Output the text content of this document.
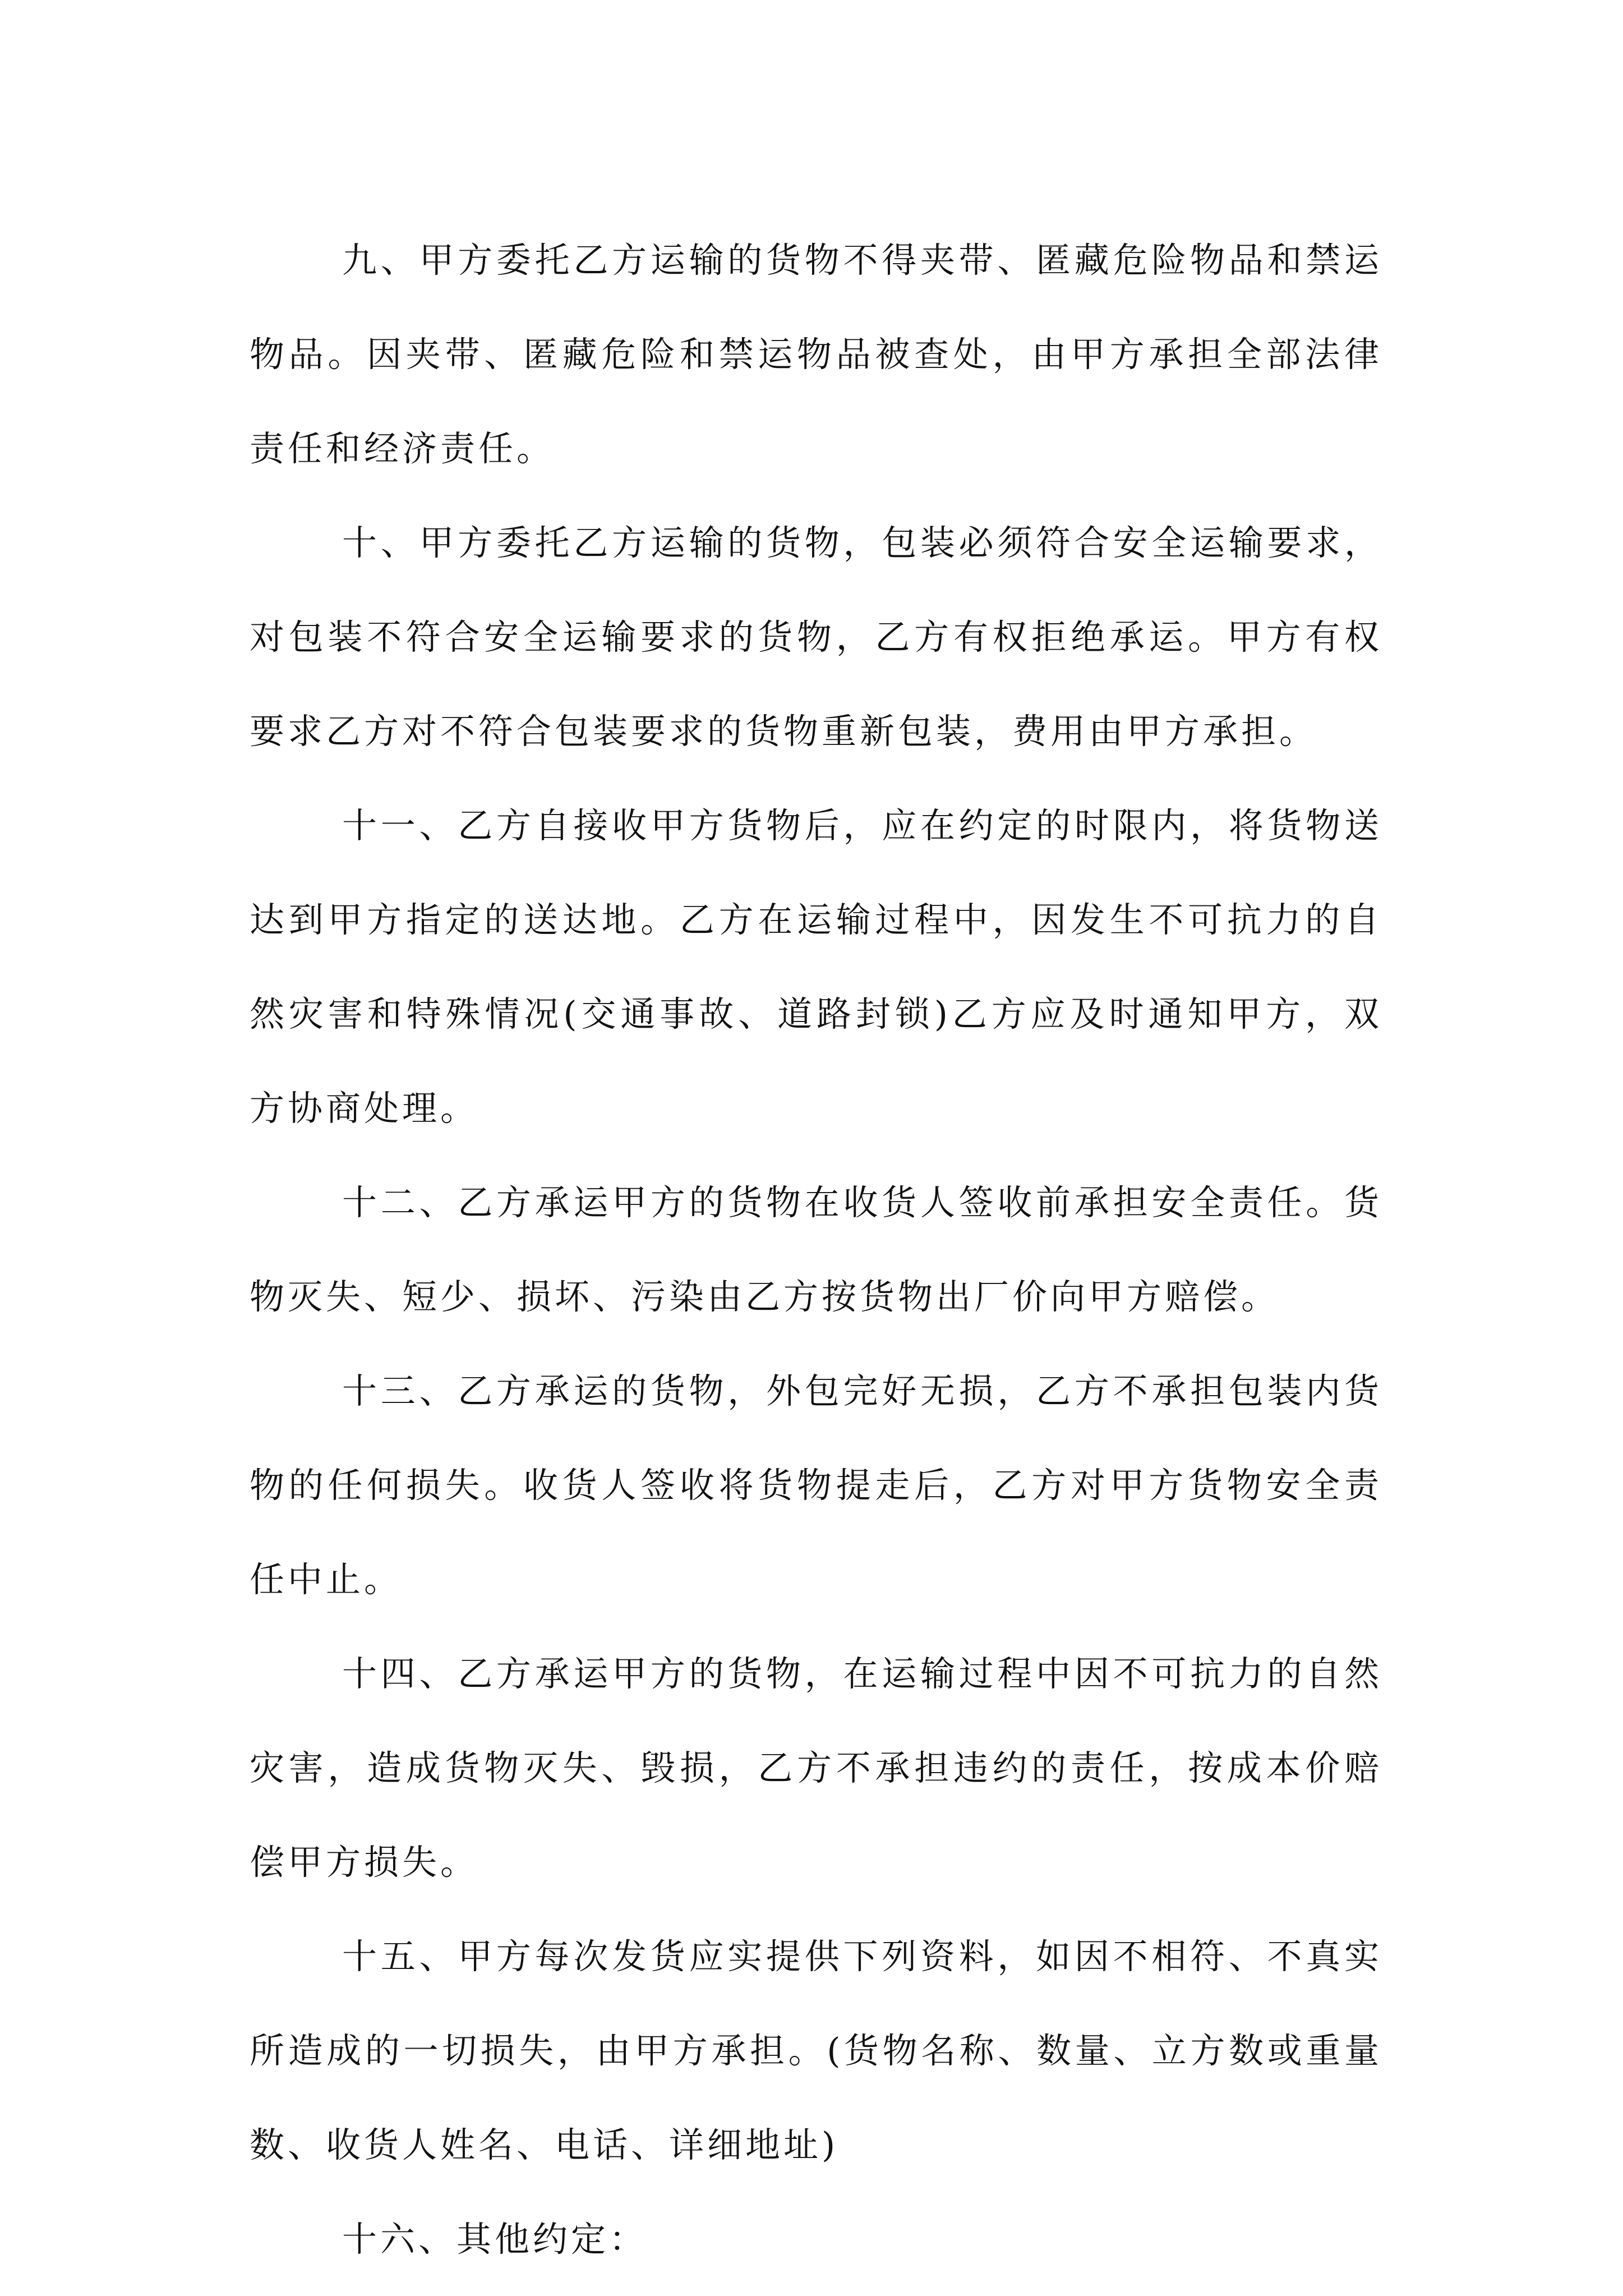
九、甲方委托乙方运输的货物不得夹带、匿藏危险物品和禁运物品。因夹带、匿藏危险和禁运物品被查处，由甲方承担全部法律责任和经济责任。

十、甲方委托乙方运输的货物，包装必须符合安全运输要求，对包装不符合安全运输要求的货物，乙方有权拒绝承运。甲方有权要求乙方对不符合包装要求的货物重新包装，费用由甲方承担。

十一、乙方自接收甲方货物后，应在约定的时限内，将货物送达到甲方指定的送达地。乙方在运输过程中，因发生不可抗力的自然灾害和特殊情况(交通事故、道路封锁)乙方应及时通知甲方，双方协商处理。

十二、乙方承运甲方的货物在收货人签收前承担安全责任。货物灭失、短少、损坏、污染由乙方按货物出厂价向甲方赔偿。

十三、乙方承运的货物，外包完好无损，乙方不承担包装内货物的任何损失。收货人签收将货物提走后，乙方对甲方货物安全责任中止。

十四、乙方承运甲方的货物，在运输过程中因不可抗力的自然灾害，造成货物灭失、毁损，乙方不承担违约的责任，按成本价赔偿甲方损失。

十五、甲方每次发货应实提供下列资料，如因不相符、不真实所造成的一切损失，由甲方承担。(货物名称、数量、立方数或重量数、收货人姓名、电话、详细地址)

十六、其他约定：
